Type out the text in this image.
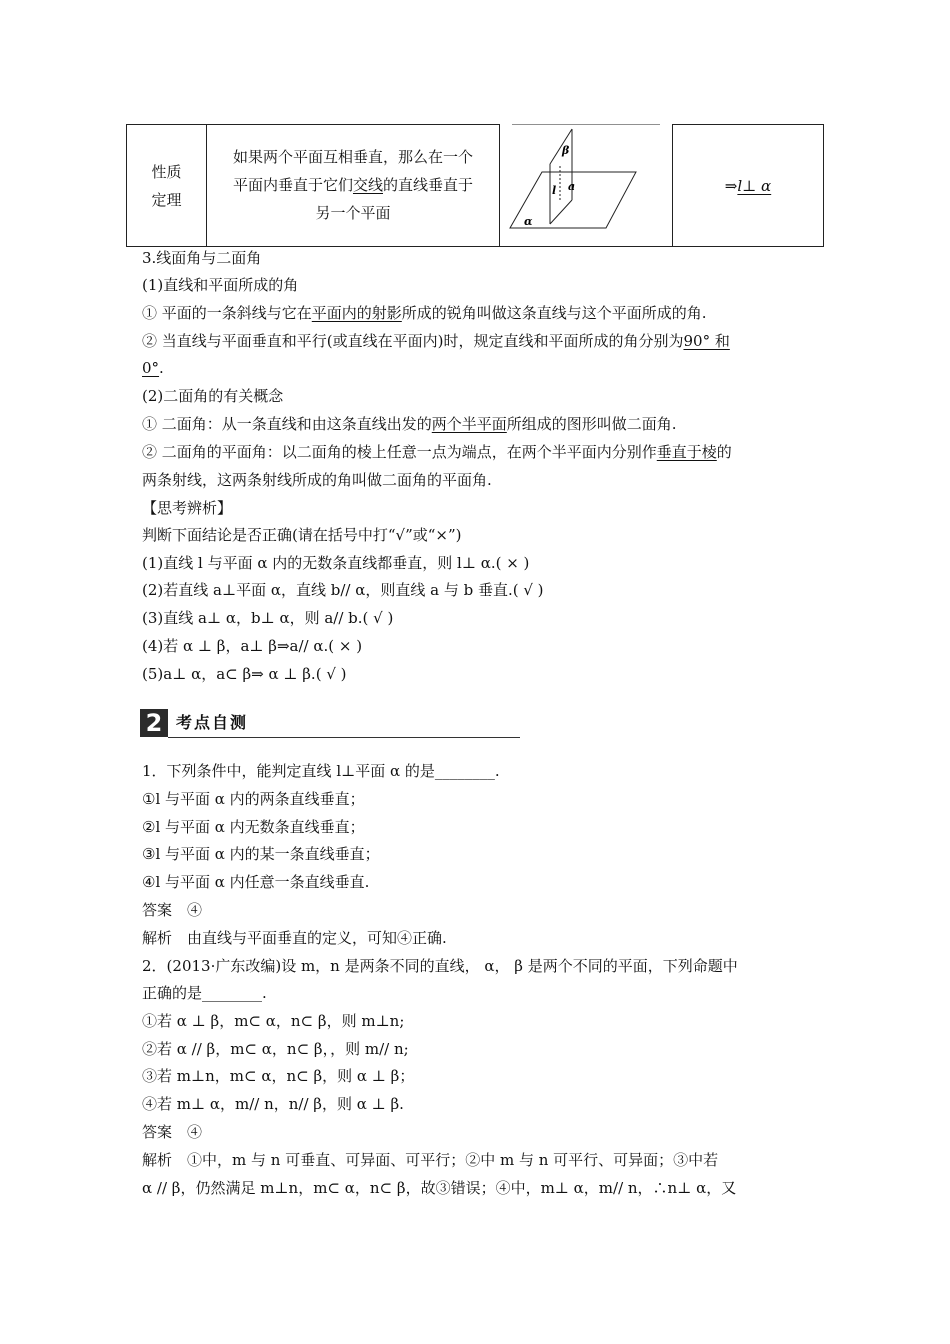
性质
定理
如果两个平面互相垂直，那么在一个
平面内垂直于它们交线的直线垂直于
另一个平面
β
l a
α
⇒ l⊥ α
3.线面角与二面角
(1)直线和平面所成的角
① 平面的一条斜线与它在平面内的射影所成的锐角叫做这条直线与这个平面所成的角.
② 当直线与平面垂直和平行(或直线在平面内)时，规定直线和平面所成的角分别为90° 和
0°.
(2)二面角的有关概念
① 二面角：从一条直线和由这条直线出发的两个半平面所组成的图形叫做二面角.
② 二面角的平面角：以二面角的棱上任意一点为端点，在两个半平面内分别作垂直于棱的
两条射线，这两条射线所成的角叫做二面角的平面角.
【思考辨析】
判断下面结论是否正确(请在括号中打“√”或“×”)
(1)直线 l 与平面 α 内的无数条直线都垂直，则 l⊥ α.( × )
(2)若直线 a⊥平面 α，直线 b// α，则直线 a 与 b 垂直.( √ )
(3)直线 a⊥ α，b⊥ α，则 a// b.( √ )
(4)若 α ⊥ β，a⊥ β⇒a// α.( × )
(5)a⊥ α，a⊂ β⇒ α ⊥ β.( √ )
2 考点自测
1．下列条件中，能判定直线 l⊥平面 α 的是________.
①l 与平面 α 内的两条直线垂直；
②l 与平面 α 内无数条直线垂直；
③l 与平面 α 内的某一条直线垂直；
④l 与平面 α 内任意一条直线垂直.
答案　④
解析　由直线与平面垂直的定义，可知④正确.
2．(2013·广东改编)设 m，n 是两条不同的直线， α， β 是两个不同的平面，下列命题中
正确的是________.
①若 α ⊥ β，m⊂ α，n⊂ β，则 m⊥n;
②若 α // β，m⊂ α，n⊂ β，，则 m// n;
③若 m⊥n，m⊂ α，n⊂ β，则 α ⊥ β；
④若 m⊥ α，m// n，n// β，则 α ⊥ β.
答案　④
解析　①中，m 与 n 可垂直、可异面、可平行；②中 m 与 n 可平行、可异面；③中若
α // β，仍然满足 m⊥n，m⊂ α，n⊂ β，故③错误；④中，m⊥ α，m// n，∴n⊥ α，又
